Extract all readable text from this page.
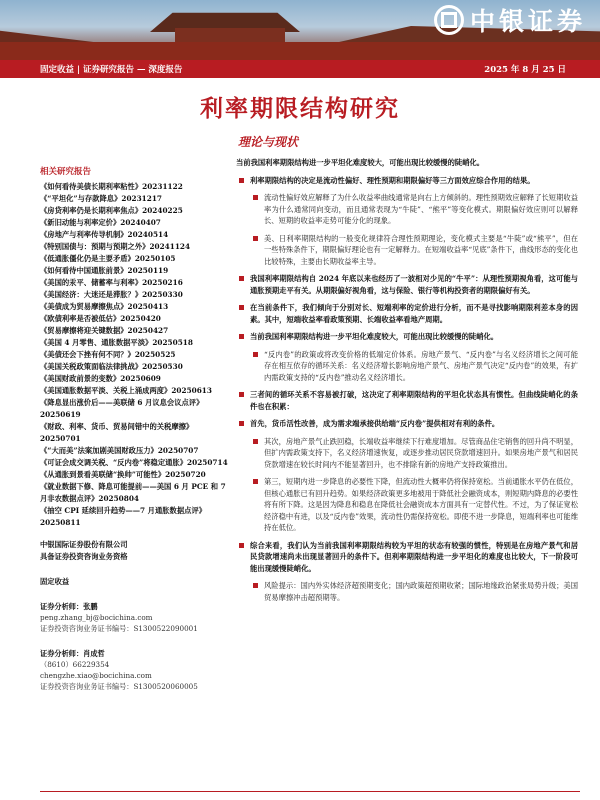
中银证券
固定收益 | 证券研究报告 — 深度报告	2025 年 8 月 25 日
利率期限结构研究
理论与现状
相关研究报告
《如何看待美债长期利率粘性》20231122
《“平坦化”与存款降息》20231217
《房贷利率仍是长期利率焦点》20240225
《新旧动能与利率定价》20240407
《房地产与利率传导机制》20240514
《特别国债与：预期与预期之外》20241124
《低通胀僵化仍是主要矛盾》20250105
《如何看待中国通胀前景》20250119
《美国的汞平、储蓄率与利率》20250216
《美国经济：大迷还是滞胀？》20250330
《美债成为贸易摩擦焦点》20250413
《欧债利率是否被低估》20250420
《贸易摩擦将迎关键数据》20250427
《美国 4 月零售、通胀数据平淡》20250518
《美债还会下挫有何不同？》20250525
《美国关税政策面临法律挑战》20250530
《美国财政前景的变数》20250609
《美国通胀数据平淡、关税上涌成两度》20250613
《降息显出涨价后——美联储 6 月议息会议点评》20250619
《财政、利率、货币、贸易间错中的关税摩擦》20250701
《“大而美”法案加剧美国财政压力》20250707
《可证会成交调关税、“反内卷”将稳定通胀》20250714
《从通胀到景看美联储“换帅”可能性》20250720
《就业数据下修、降息可能提前——美国 6 月 PCE 和 7 月非农数据点评》20250804
《抽空 CPI 延续回升趋势——7 月通胀数据点评》20250811
中银国际证券股份有限公司
具备证券投资咨询业务资格
固定收益
证券分析师：张鹏
peng.zhang_bj@bocichina.com
证券投资咨询业务证书编号：S1300522090001
证券分析师：肖成哲
（8610）66229354
chengzhe.xiao@bocichina.com
证券投资咨询业务证书编号：S1300520060005
当前我国利率期限结构进一步平坦化难度较大，可能出现比较缓慢的陡峭化。
利率期限结构的决定是流动性偏好、理性预期和期限偏好等三方面效应综合作用的结果。
流动性偏好效应解释了为什么收益率曲线通常是向右上方倾斜的。理性预期效应解释了长短期收益率为什么通常同向变动，而且通常表现为“牛陡”、“熊平”等变化模式。期限偏好效应则可以解释长、短期的收益率走势可能分化的现象。
美、日利率期限结构的一般变化规律符合理性预期理论，变化模式主要是“牛陡”或“熊平”，但在一些特殊条件下，期限偏好理论也有一定解释力。在短端收益率“见底”条件下，曲线形态的变化也比较特殊，主要由长期收益率主导。
我国利率期限结构自 2024 年底以来也经历了一波相对少见的“牛平”：从理性预期视角看，这可能与通胀预期走平有关。从期限偏好视角看，这与保险、银行等机构投资者的期限偏好有关。
在当前条件下，我们倾向于分别对长、短端利率的定价进行分析，而不是寻找影响期限利差本身的因素。其中，短端收益率看政策预期、长端收益率看地产周期。
当前我国利率期限结构进一步平坦化难度较大，可能出现比较缓慢的陡峭化。
“反内卷”的政策或将改变价格的低端定价体系。房地产景气、“反内卷”与名义经济增长之间可能存在相互依存的循环关系：名义经济增长影响房地产景气、房地产景气决定“反内卷”的效果，有扩内需政策支持的“反内卷”推动名义经济增长。
三者间的循环关系不容易被打破，这决定了利率期限结构的平坦化状态具有惯性。但曲线陡峭化的条件也在积累：
首先，货币活性改善，成为需求端承接供给端“反内卷”提供相对有利的条件。
其次，房地产景气止跌回稳，长端收益率继续下行难度增加。尽管商品住宅销售的回升尚不明显，但扩内需政策支持下，名义经济增速恢复，或逐步推动居民贷款增速回升。如果房地产景气和居民贷款增速在较长时间内不能显著回升，也不排除有新的房地产支持政策推出。
第三，短期内进一步降息的必要性下降，但流动性大概率仍将保持宽松。当前通胀水平仍在低位，但核心通胀已有回升趋势。如果经济政策更多地被用于降低社会融资成本，则短期内降息的必要性将有所下降。这是因为降息和稳息在降低社会融资成本方面具有一定替代性。不过，为了保证宽松经济稳中有进，以及“反内卷”效果，流动性仍需保持宽松。即使不进一步降息，短端利率也可能维持在低位。
综合来看，我们认为当前我国利率期限结构较为平坦的状态有较强的惯性，特别是在房地产景气和居民贷款增速尚未出现显著回升的条件下。但利率期限结构进一步平坦化的难度也比较大，下一阶段可能出现缓慢陡峭化。
风险提示：国内外实体经济超预期变化；国内政策超预期收紧；国际地缘政治紧张局势升级；美国贸易摩擦冲击超预期等。
